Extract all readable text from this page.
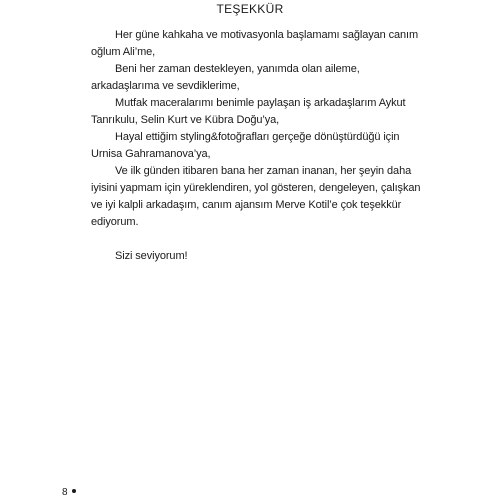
TEŞEKKÜR

Her güne kahkaha ve motivasyonla başlamamı sağlayan canım oğlum Ali’me,

Beni her zaman destekleyen, yanımda olan aileme, arkadaşlarıma ve sevdiklerime,

Mutfak maceralarımı benimle paylaşan iş arkadaşlarım Aykut Tanrıkulu, Selin Kurt ve Kübra Doğu’ya,

Hayal ettiğim styling&fotoğrafları gerçeğe dönüştürdüğü için Urnisa Gahramanova’ya,

Ve ilk günden itibaren bana her zaman inanan, her şeyin daha iyisini yapmam için yüreklendiren, yol gösteren, dengeleyen, çalışkan ve iyi kalpli arkadaşım, canım ajansım Merve Kotil’e çok teşekkür ediyorum.

Sizi seviyorum!

8
